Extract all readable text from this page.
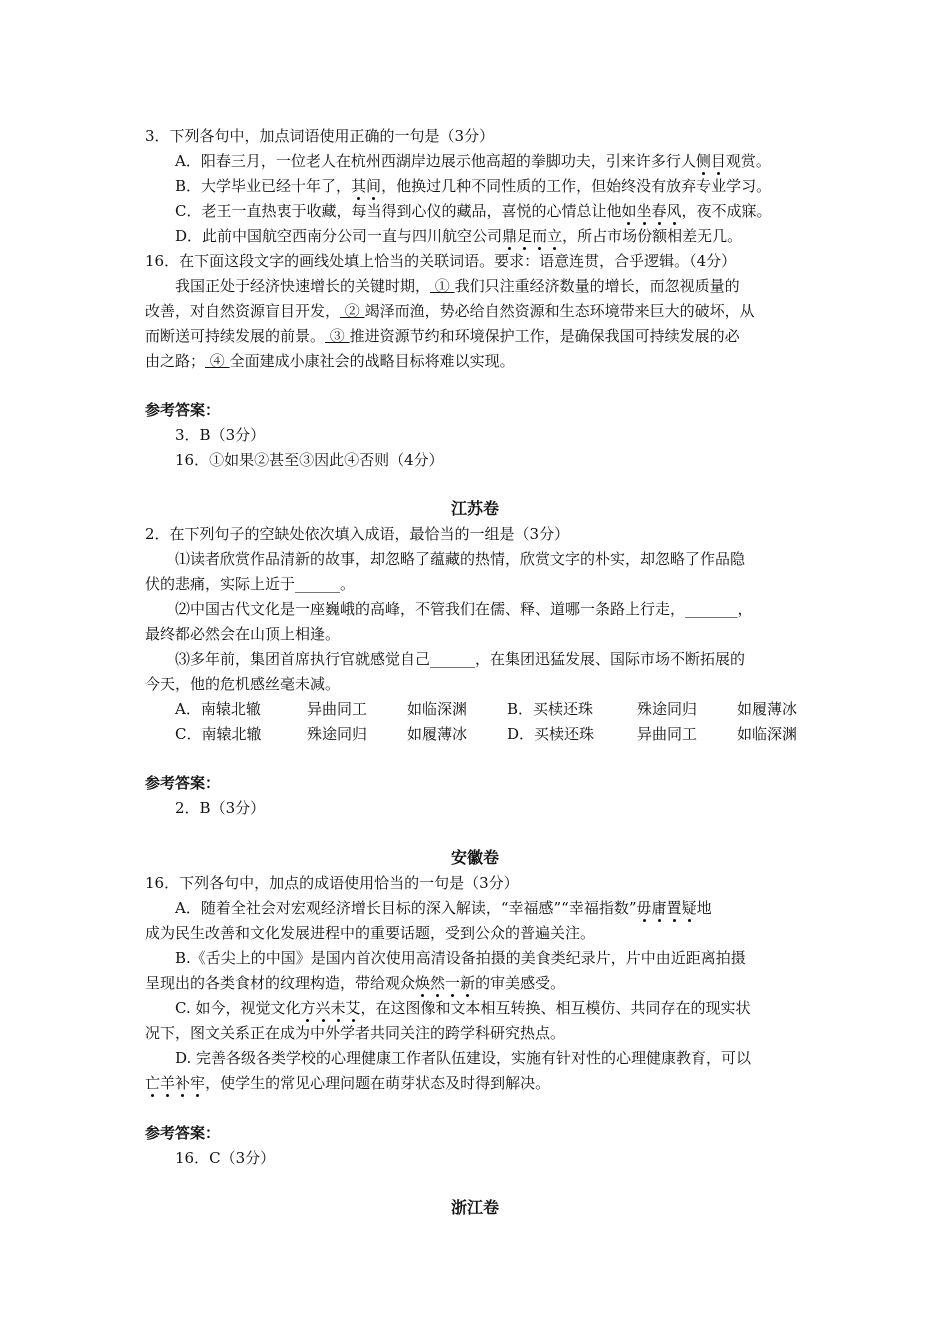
3．下列各句中，加点词语使用正确的一句是（3分）
A．阳春三月，一位老人在杭州西湖岸边展示他高超的拳脚功夫，引来许多行人侧目观赏。
B．大学毕业已经十年了，其间，他换过几种不同性质的工作，但始终没有放弃专业学习。
C．老王一直热衷于收藏，每当得到心仪的藏品，喜悦的心情总让他如坐春风，夜不成寐。
D．此前中国航空西南分公司一直与四川航空公司鼎足而立，所占市场份额相差无几。
16．在下面这段文字的画线处填上恰当的关联词语。要求：语意连贯，合乎逻辑。（4分）
我国正处于经济快速增长的关键时期， ① 我们只注重经济数量的增长，而忽视质量的
改善，对自然资源盲目开发， ② 竭泽而渔，势必给自然资源和生态环境带来巨大的破坏，从
而断送可持续发展的前景。 ③ 推进资源节约和环境保护工作，是确保我国可持续发展的必
由之路； ④ 全面建成小康社会的战略目标将难以实现。
参考答案：
3．B（3分）
16．①如果②甚至③因此④否则（4分）
江苏卷
2．在下列句子的空缺处依次填入成语，最恰当的一组是（3分）
⑴读者欣赏作品清新的故事，却忽略了蕴藏的热情，欣赏文字的朴实，却忽略了作品隐
伏的悲痛，实际上近于______。
⑵中国古代文化是一座巍峨的高峰，不管我们在儒、释、道哪一条路上行走，_______，
最终都必然会在山顶上相逢。
⑶多年前，集团首席执行官就感觉自己______，在集团迅猛发展、国际市场不断拓展的
今天，他的危机感丝毫未减。
A．南辕北辙	异曲同工	如临深渊	B．买椟还珠	殊途同归	如履薄冰
C．南辕北辙	殊途同归	如履薄冰	D．买椟还珠	异曲同工	如临深渊
参考答案：
2．B（3分）
安徽卷
16．下列各句中，加点的成语使用恰当的一句是（3分）
A．随着全社会对宏观经济增长目标的深入解读，“幸福感”“幸福指数”毋庸置疑地
成为民生改善和文化发展进程中的重要话题，受到公众的普遍关注。
B.《舌尖上的中国》是国内首次使用高清设备拍摄的美食类纪录片，片中由近距离拍摄
呈现出的各类食材的纹理构造，带给观众焕然一新的审美感受。
C. 如今，视觉文化方兴未艾，在这图像和文本相互转换、相互模仿、共同存在的现实状
况下，图文关系正在成为中外学者共同关注的跨学科研究热点。
D. 完善各级各类学校的心理健康工作者队伍建设，实施有针对性的心理健康教育，可以
亡羊补牢，使学生的常见心理问题在萌芽状态及时得到解决。
参考答案：
16．C（3分）
浙江卷
